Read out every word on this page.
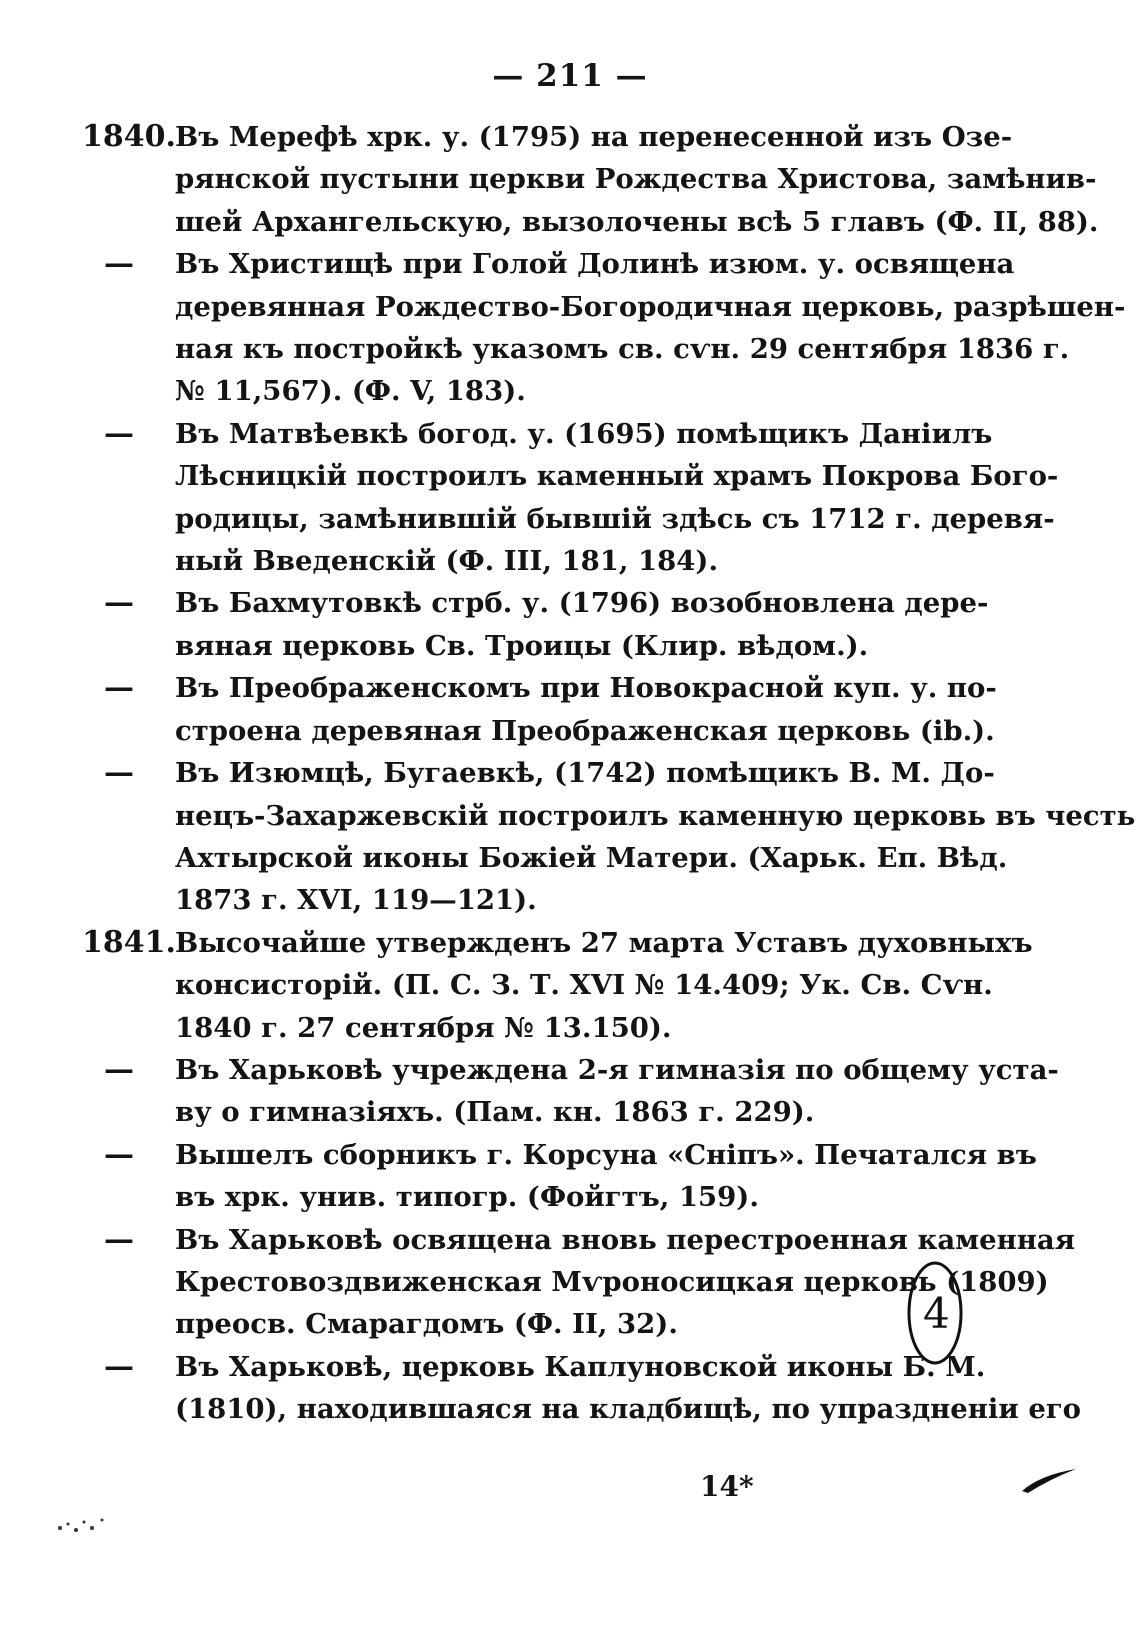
— 211 —
1840. Въ Мерефѣ хрк. у. (1795) на перенесенной изъ Озе-
рянской пустыни церкви Рождества Христова, замѣнив-
шей Архангельскую, вызолочены всѣ 5 главъ (Ф. II, 88).
— Въ Христищѣ при Голой Долинѣ изюм. у. освящена
деревянная Рождество-Богородичная церковь, разрѣшен-
ная къ постройкѣ указомъ св. сѵн. 29 сентября 1836 г.
№ 11,567). (Ф. V, 183).
— Въ Матвѣевкѣ богод. у. (1695) помѣщикъ Даніилъ
Лѣсницкій построилъ каменный храмъ Покрова Бого-
родицы, замѣнившій бывшій здѣсь съ 1712 г. деревя-
ный Введенскій (Ф. III, 181, 184).
— Въ Бахмутовкѣ стрб. у. (1796) возобновлена дере-
вяная церковь Св. Троицы (Клир. вѣдом.).
— Въ Преображенскомъ при Новокрасной куп. у. по-
строена деревяная Преображенская церковь (ib.).
— Въ Изюмцѣ, Бугаевкѣ, (1742) помѣщикъ В. М. До-
нецъ-Захаржевскій построилъ каменную церковь въ честь
Ахтырской иконы Божіей Матери. (Харьк. Еп. Вѣд.
1873 г. XVI, 119—121).
1841. Высочайше утвержденъ 27 марта Уставъ духовныхъ
консисторій. (П. С. З. Т. XVI № 14.409; Ук. Св. Сѵн.
1840 г. 27 сентября № 13.150).
— Въ Харьковѣ учреждена 2-я гимназія по общему уста-
ву о гимназіяхъ. (Пам. кн. 1863 г. 229).
— Вышелъ сборникъ г. Корсуна «Снiпъ». Печатался въ
въ хрк. унив. типогр. (Фойгтъ, 159).
— Въ Харьковѣ освящена вновь перестроенная каменная
Крестовоздвиженская Мѵроносицкая церковь (1809)
преосв. Смарагдомъ (Ф. II, 32).
— Въ Харьковѣ, церковь Каплуновской иконы Б. М.
(1810), находившаяся на кладбищѣ, по упраздненіи его
14*
4
